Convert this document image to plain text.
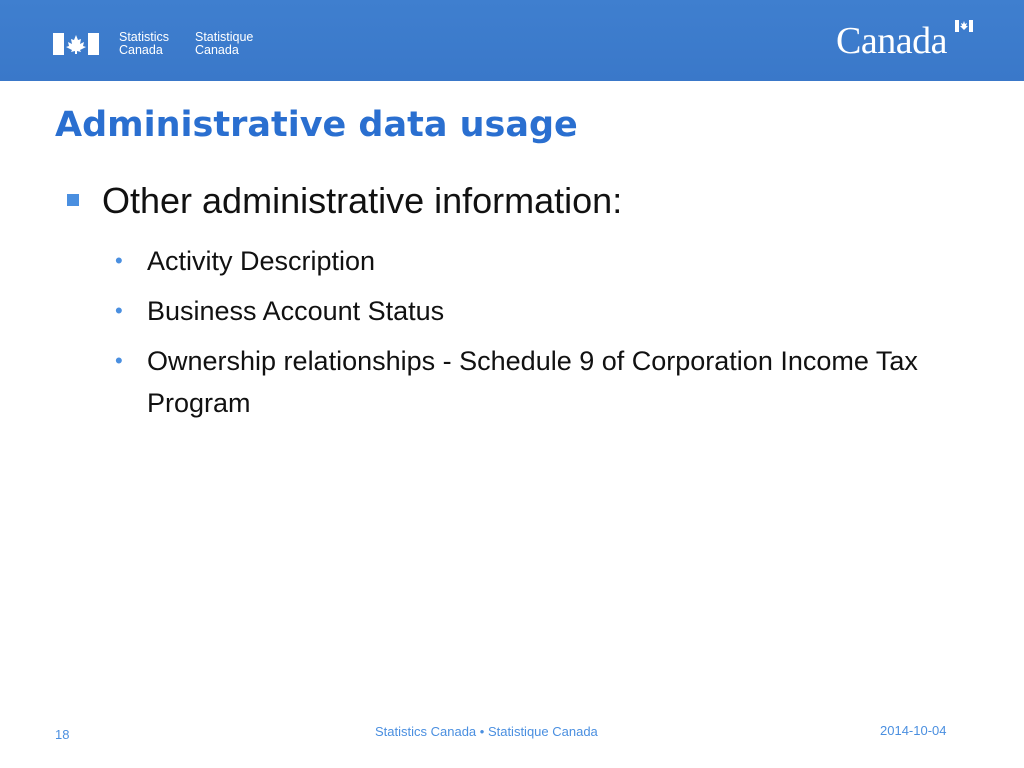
Statistics
Canada
Statistique
Canada	Canada
Administrative data usage
Other administrative information:
• Activity Description
• Business Account Status
• Ownership relationships - Schedule 9 of Corporation Income Tax Program
18	Statistics Canada • Statistique Canada	2014-10-04
